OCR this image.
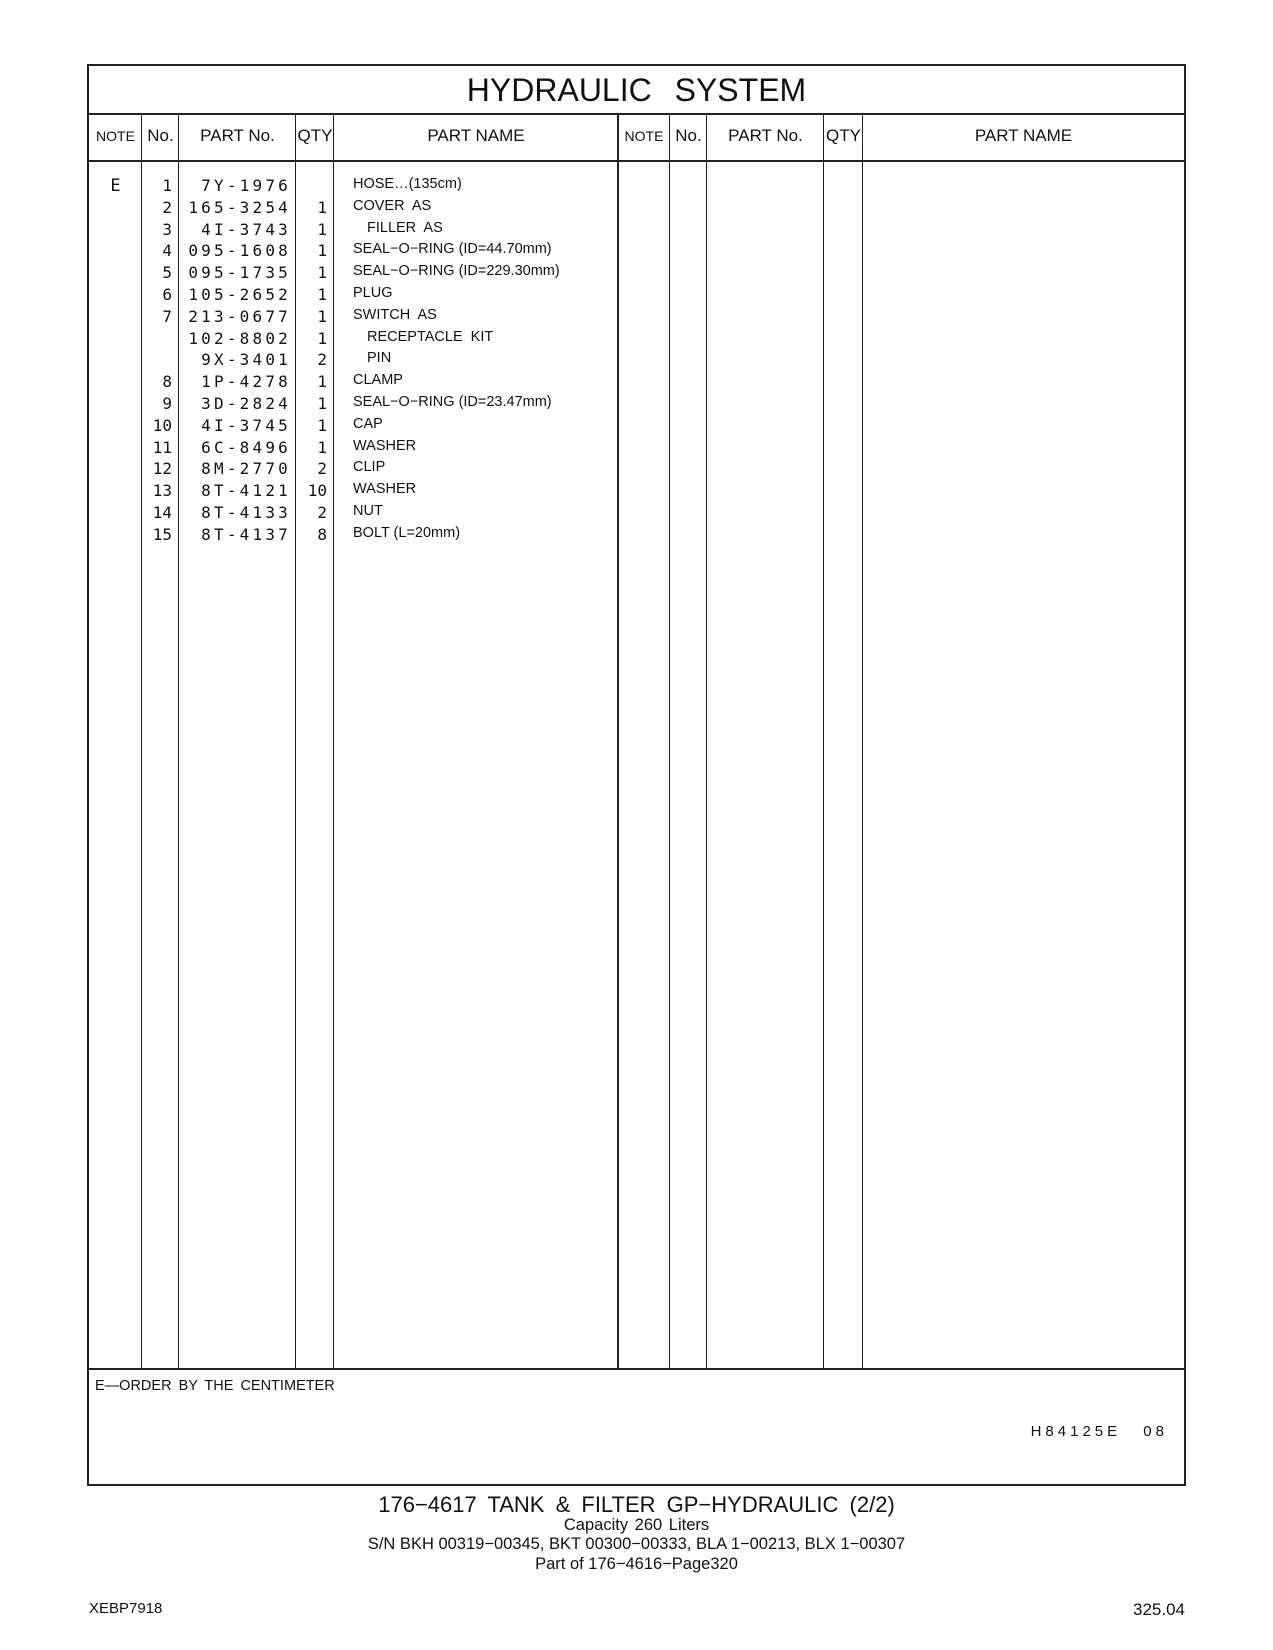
HYDRAULIC SYSTEM
NOTE No.	PART No.	QTY	PART NAME	NOTE No.	PART No.	QTY	PART NAME
E	1	7Y-1976	HOSE…(135cm)
2	165-3254	1 COVER  AS
3	4I-3743	1	FILLER  AS
4	095-1608	1 SEAL−O−RING (ID=44.70mm)
5	095-1735	1 SEAL−O−RING (ID=229.30mm)
6	105-2652	1 PLUG
7	213-0677	1 SWITCH  AS
102-8802	1	RECEPTACLE  KIT
9X-3401	2	PIN
8	1P-4278	1 CLAMP
9	3D-2824	1 SEAL−O−RING (ID=23.47mm)
10	4I-3745	1 CAP
11	6C-8496	1 WASHER
12	8M-2770	2 CLIP
13	8T-4121	10 WASHER
14	8T-4133	2 NUT
15	8T-4137	8 BOLT (L=20mm)
E—ORDER BY THE CENTIMETER
H84125E 08
176−4617 TANK & FILTER GP−HYDRAULIC (2/2)
Capacity 260 Liters
S/N BKH 00319−00345, BKT 00300−00333, BLA 1−00213, BLX 1−00307
Part of 176−4616−Page320
XEBP7918	325.04
